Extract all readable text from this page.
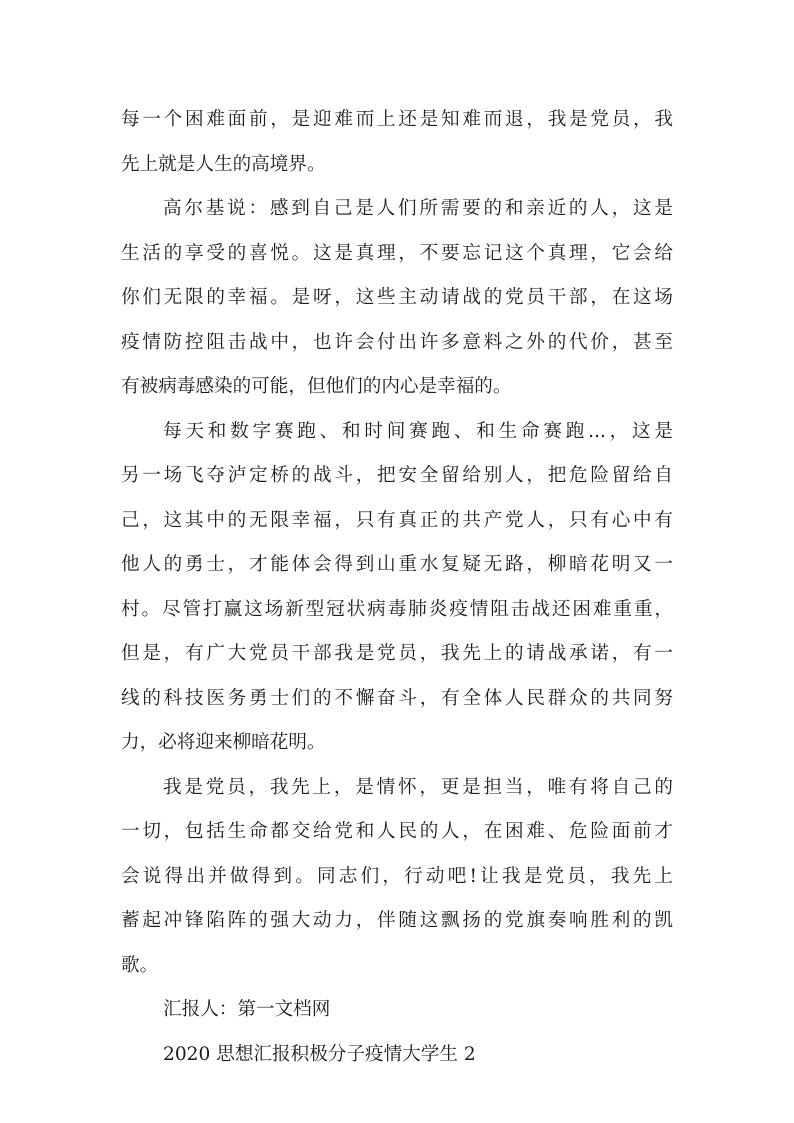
每一个困难面前，是迎难而上还是知难而退，我是党员，我
先上就是人生的高境界。
高尔基说：感到自己是人们所需要的和亲近的人，这是
生活的享受的喜悦。这是真理，不要忘记这个真理，它会给
你们无限的幸福。是呀，这些主动请战的党员干部，在这场
疫情防控阻击战中，也许会付出许多意料之外的代价，甚至
有被病毒感染的可能，但他们的内心是幸福的。
每天和数字赛跑、和时间赛跑、和生命赛跑...，这是
另一场飞夺泸定桥的战斗，把安全留给别人，把危险留给自
己，这其中的无限幸福，只有真正的共产党人，只有心中有
他人的勇士，才能体会得到山重水复疑无路，柳暗花明又一
村。尽管打赢这场新型冠状病毒肺炎疫情阻击战还困难重重，
但是，有广大党员干部我是党员，我先上的请战承诺，有一
线的科技医务勇士们的不懈奋斗，有全体人民群众的共同努
力，必将迎来柳暗花明。
我是党员，我先上，是情怀，更是担当，唯有将自己的
一切，包括生命都交给党和人民的人，在困难、危险面前才
会说得出并做得到。同志们，行动吧!让我是党员，我先上
蓄起冲锋陷阵的强大动力，伴随这飘扬的党旗奏响胜利的凯
歌。
汇报人：第一文档网
2020 思想汇报积极分子疫情大学生 2
